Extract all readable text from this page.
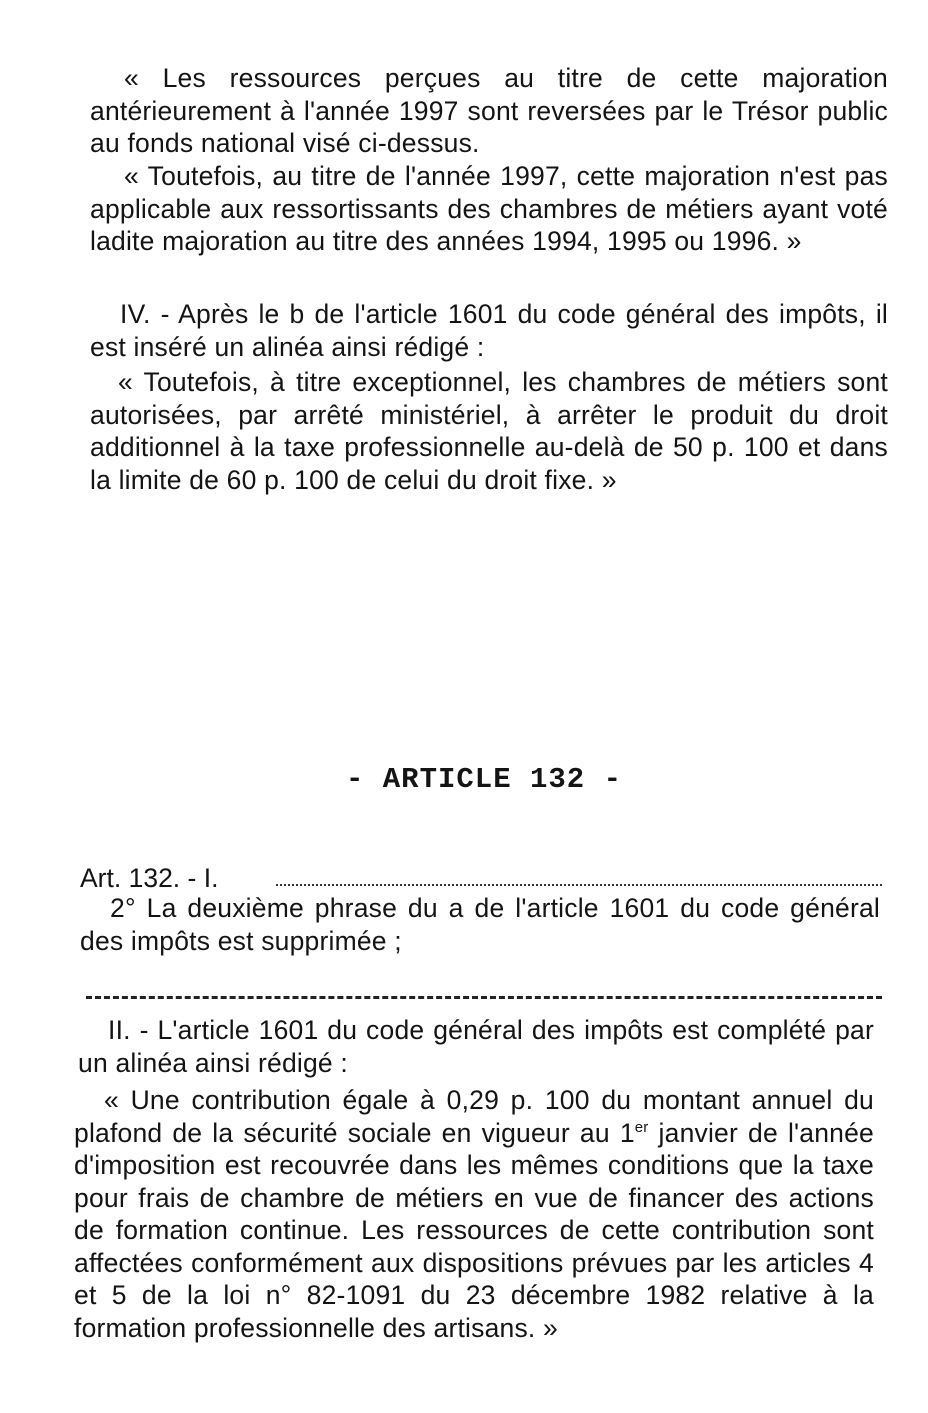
« Les ressources perçues au titre de cette majoration antérieurement à l'année 1997 sont reversées par le Trésor public au fonds national visé ci-dessus.

« Toutefois, au titre de l'année 1997, cette majoration n'est pas applicable aux ressortissants des chambres de métiers ayant voté ladite majoration au titre des années 1994, 1995 ou 1996. »

IV. - Après le b de l'article 1601 du code général des impôts, il est inséré un alinéa ainsi rédigé :

« Toutefois, à titre exceptionnel, les chambres de métiers sont autorisées, par arrêté ministériel, à arrêter le produit du droit additionnel à la taxe professionnelle au-delà de 50 p. 100 et dans la limite de 60 p. 100 de celui du droit fixe. »

- ARTICLE 132 -
Art. 132. - I.

2° La deuxième phrase du a de l'article 1601 du code général des impôts est supprimée ;

II. - L'article 1601 du code général des impôts est complété par un alinéa ainsi rédigé :

« Une contribution égale à 0,29 p. 100 du montant annuel du plafond de la sécurité sociale en vigueur au 1er janvier de l'année d'imposition est recouvrée dans les mêmes conditions que la taxe pour frais de chambre de métiers en vue de financer des actions de formation continue. Les ressources de cette contribution sont affectées conformément aux dispositions prévues par les articles 4 et 5 de la loi n° 82-1091 du 23 décembre 1982 relative à la formation professionnelle des artisans. »
